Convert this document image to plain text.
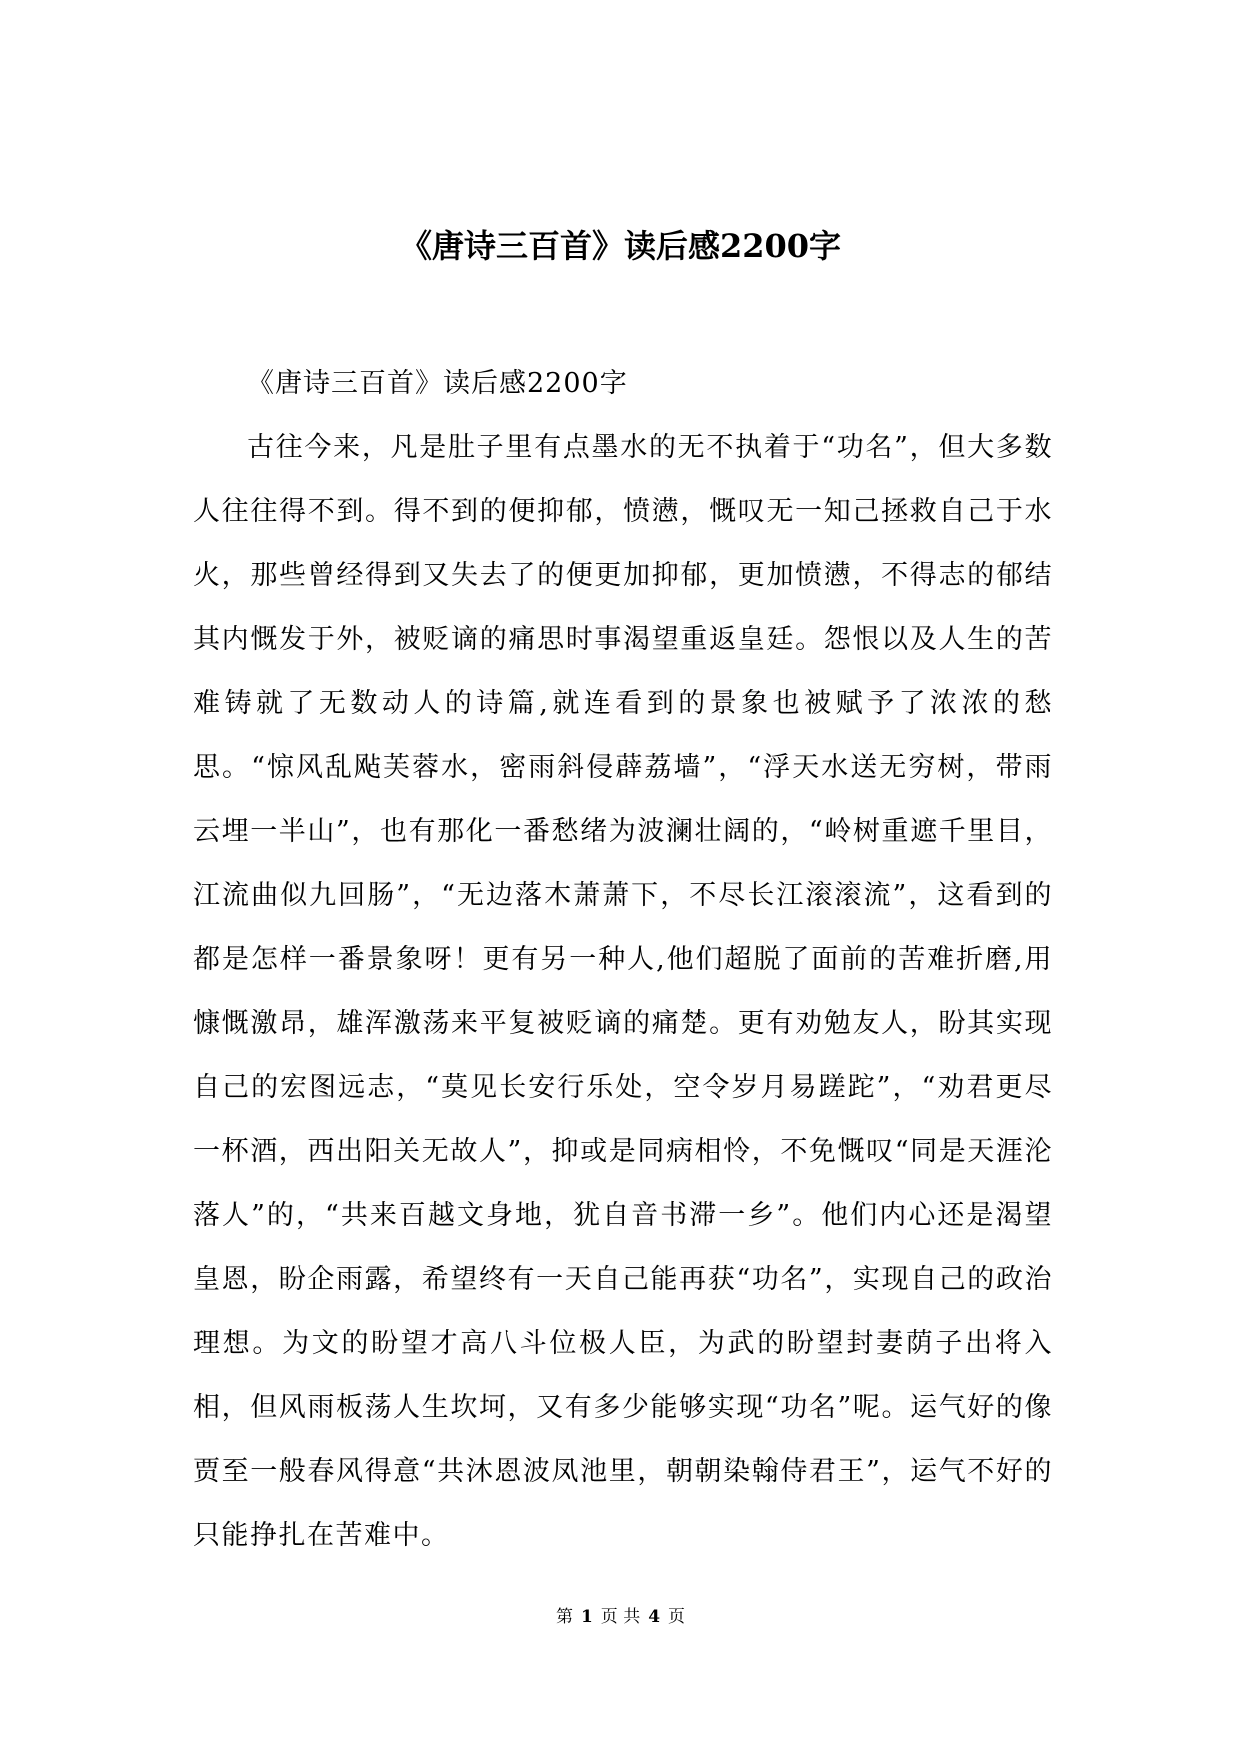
《唐诗三百首》读后感2200字

《唐诗三百首》读后感2200字

古往今来，凡是肚子里有点墨水的无不执着于“功名”，但大多数人往往得不到。得不到的便抑郁，愤懑，慨叹无一知己拯救自己于水火，那些曾经得到又失去了的便更加抑郁，更加愤懑，不得志的郁结其内慨发于外，被贬谪的痛思时事渴望重返皇廷。怨恨以及人生的苦难铸就了无数动人的诗篇,就连看到的景象也被赋予了浓浓的愁思。“惊风乱飐芙蓉水，密雨斜侵薜荔墙”，“浮天水送无穷树，带雨云埋一半山”，也有那化一番愁绪为波澜壮阔的，“岭树重遮千里目，江流曲似九回肠”，“无边落木萧萧下，不尽长江滚滚流”，这看到的都是怎样一番景象呀！更有另一种人,他们超脱了面前的苦难折磨,用慷慨激昂，雄浑激荡来平复被贬谪的痛楚。更有劝勉友人，盼其实现自己的宏图远志，“莫见长安行乐处，空令岁月易蹉跎”，“劝君更尽一杯酒，西出阳关无故人”，抑或是同病相怜，不免慨叹“同是天涯沦落人”的，“共来百越文身地，犹自音书滞一乡”。他们内心还是渴望皇恩，盼企雨露，希望终有一天自己能再获“功名”，实现自己的政治理想。为文的盼望才高八斗位极人臣，为武的盼望封妻荫子出将入相，但风雨板荡人生坎坷，又有多少能够实现“功名”呢。运气好的像贾至一般春风得意“共沐恩波凤池里，朝朝染翰侍君王”，运气不好的只能挣扎在苦难中。

第 1 页 共 4 页
